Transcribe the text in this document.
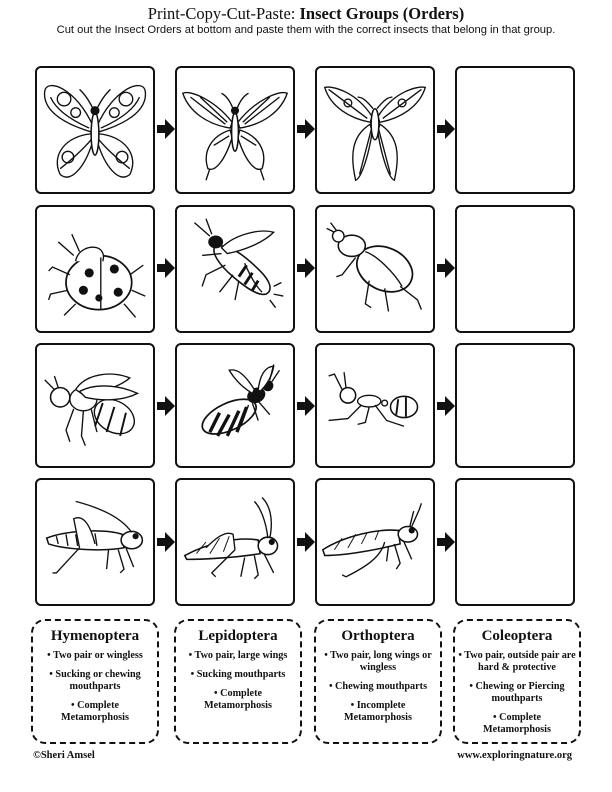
Print-Copy-Cut-Paste: Insect Groups (Orders)
Cut out the Insect Orders at bottom and paste them with the correct insects that belong in that group.
Hymenoptera
• Two pair or wingless
• Sucking or chewing mouthparts
• Complete Metamorphosis
Lepidoptera
• Two pair, large wings
• Sucking mouthparts
• Complete Metamorphosis
Orthoptera
• Two pair, long wings or wingless
• Chewing mouthparts
• Incomplete Metamorphosis
Coleoptera
• Two pair, outside pair are hard & protective
• Chewing or Piercing mouthparts
• Complete Metamorphosis
©Sheri Amsel	www.exploringnature.org
